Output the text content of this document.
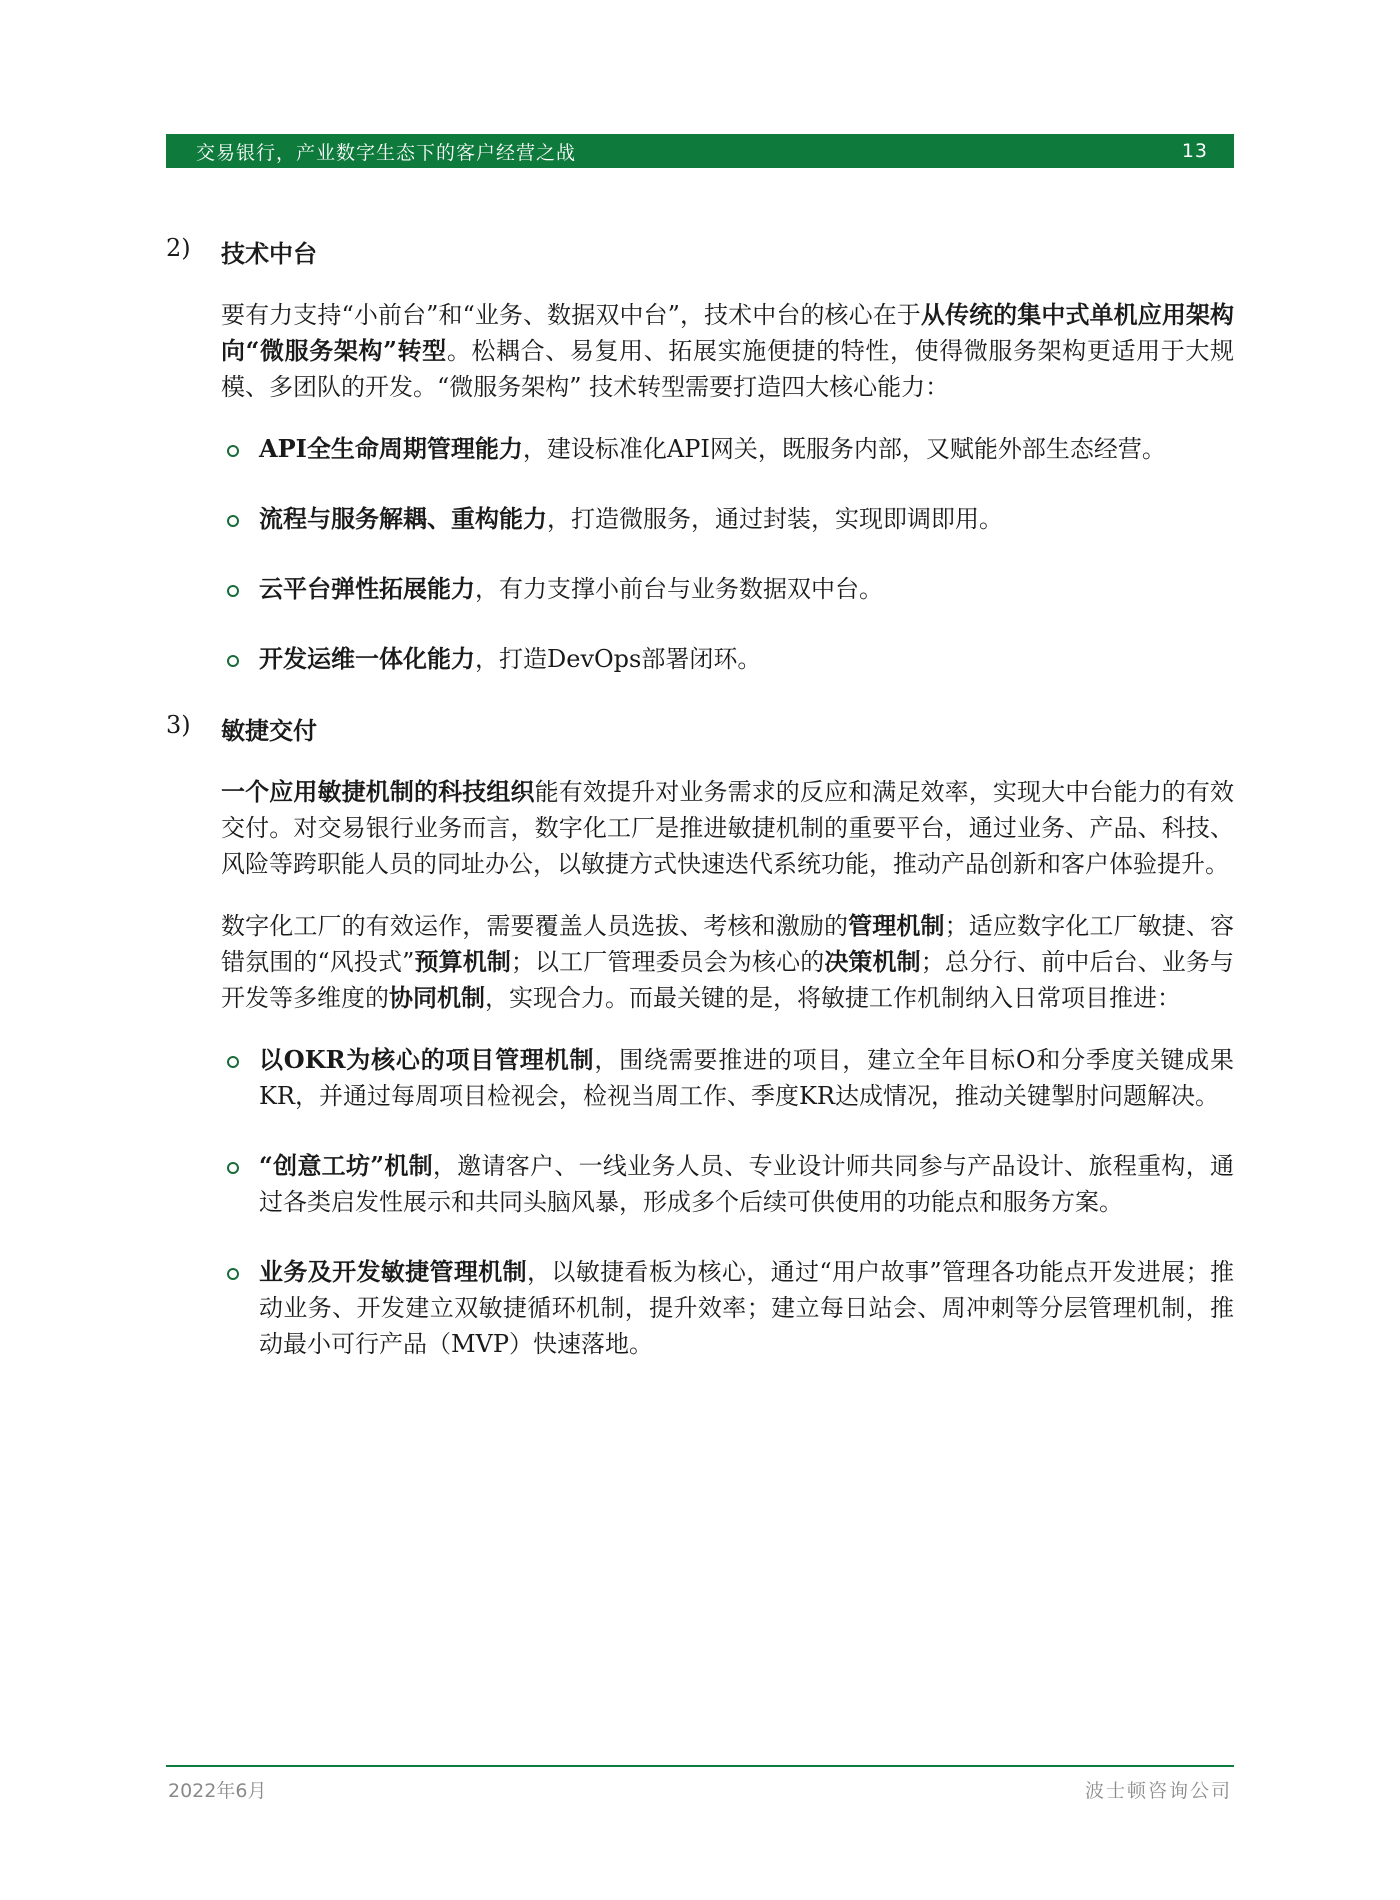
交易银行，产业数字生态下的客户经营之战	13
2)	技术中台

要有力支持“小前台”和“业务、数据双中台”，技术中台的核心在于从传统的集中式单机应用架构向“微服务架构”转型。松耦合、易复用、拓展实施便捷的特性，使得微服务架构更适用于大规模、多团队的开发。“微服务架构” 技术转型需要打造四大核心能力：

API全生命周期管理能力，建设标准化API网关，既服务内部，又赋能外部生态经营。
流程与服务解耦、重构能力，打造微服务，通过封装，实现即调即用。
云平台弹性拓展能力，有力支撑小前台与业务数据双中台。
开发运维一体化能力，打造DevOps部署闭环。
3)	敏捷交付

一个应用敏捷机制的科技组织能有效提升对业务需求的反应和满足效率，实现大中台能力的有效交付。对交易银行业务而言，数字化工厂是推进敏捷机制的重要平台，通过业务、产品、科技、风险等跨职能人员的同址办公，以敏捷方式快速迭代系统功能，推动产品创新和客户体验提升。

数字化工厂的有效运作，需要覆盖人员选拔、考核和激励的管理机制；适应数字化工厂敏捷、容错氛围的“风投式”预算机制；以工厂管理委员会为核心的决策机制；总分行、前中后台、业务与开发等多维度的协同机制，实现合力。而最关键的是，将敏捷工作机制纳入日常项目推进：

以OKR为核心的项目管理机制，围绕需要推进的项目，建立全年目标O和分季度关键成果KR，并通过每周项目检视会，检视当周工作、季度KR达成情况，推动关键掣肘问题解决。
“创意工坊”机制，邀请客户、一线业务人员、专业设计师共同参与产品设计、旅程重构，通过各类启发性展示和共同头脑风暴，形成多个后续可供使用的功能点和服务方案。
业务及开发敏捷管理机制，以敏捷看板为核心，通过“用户故事”管理各功能点开发进展；推动业务、开发建立双敏捷循环机制，提升效率；建立每日站会、周冲刺等分层管理机制，推动最小可行产品（MVP）快速落地。
2022年6月	波士顿咨询公司
